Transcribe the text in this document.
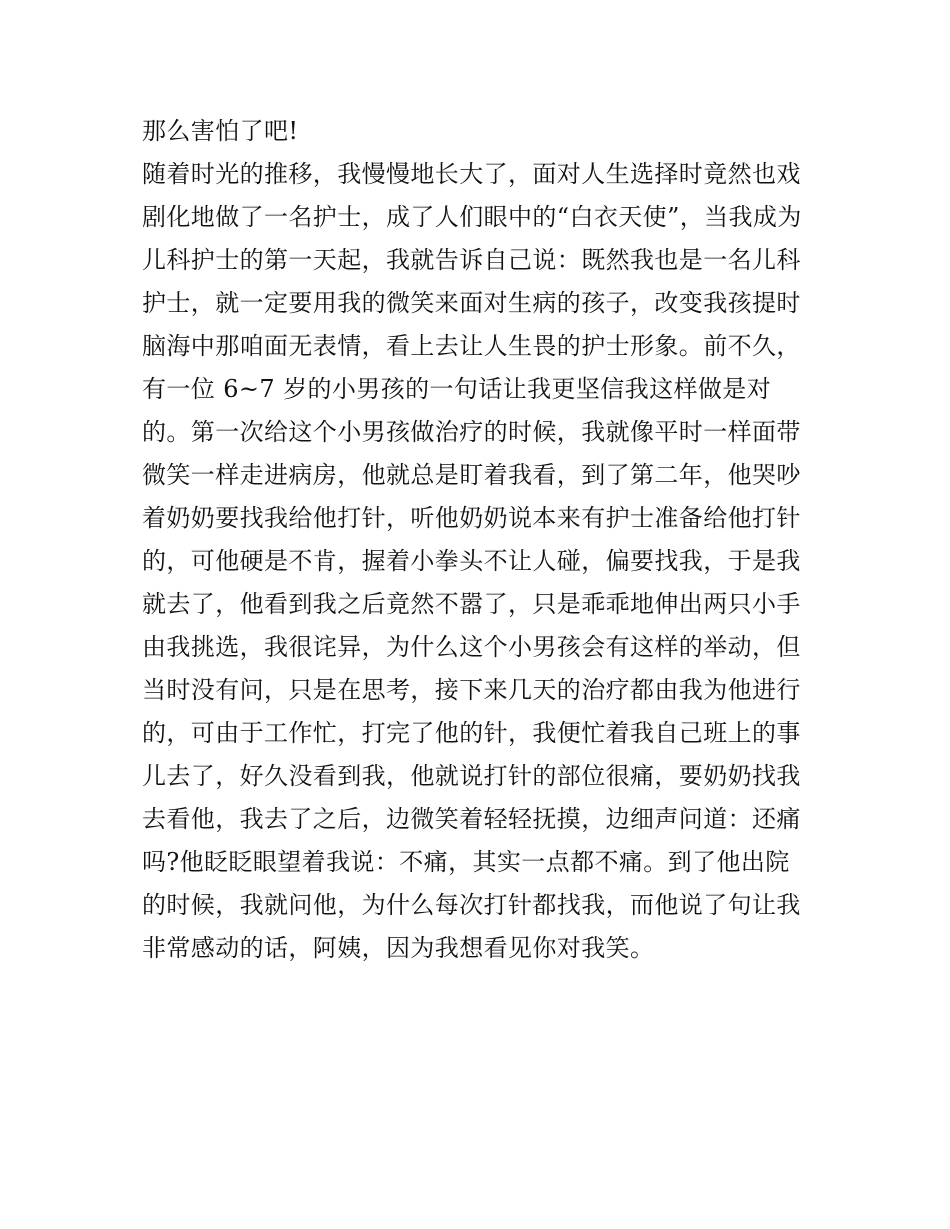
那么害怕了吧!
随着时光的推移，我慢慢地长大了，面对人生选择时竟然也戏
剧化地做了一名护士，成了人们眼中的“白衣天使”，当我成为
儿科护士的第一天起，我就告诉自己说：既然我也是一名儿科
护士，就一定要用我的微笑来面对生病的孩子，改变我孩提时
脑海中那咱面无表情，看上去让人生畏的护士形象。前不久，
有一位 6~7 岁的小男孩的一句话让我更坚信我这样做是对
的。第一次给这个小男孩做治疗的时候，我就像平时一样面带
微笑一样走进病房，他就总是盯着我看，到了第二年，他哭吵
着奶奶要找我给他打针，听他奶奶说本来有护士准备给他打针
的，可他硬是不肯，握着小拳头不让人碰，偏要找我，于是我
就去了，他看到我之后竟然不嚣了，只是乖乖地伸出两只小手
由我挑选，我很诧异，为什么这个小男孩会有这样的举动，但
当时没有问，只是在思考，接下来几天的治疗都由我为他进行
的，可由于工作忙，打完了他的针，我便忙着我自己班上的事
儿去了，好久没看到我，他就说打针的部位很痛，要奶奶找我
去看他，我去了之后，边微笑着轻轻抚摸，边细声问道：还痛
吗?他眨眨眼望着我说：不痛，其实一点都不痛。到了他出院
的时候，我就问他，为什么每次打针都找我，而他说了句让我
非常感动的话，阿姨，因为我想看见你对我笑。
